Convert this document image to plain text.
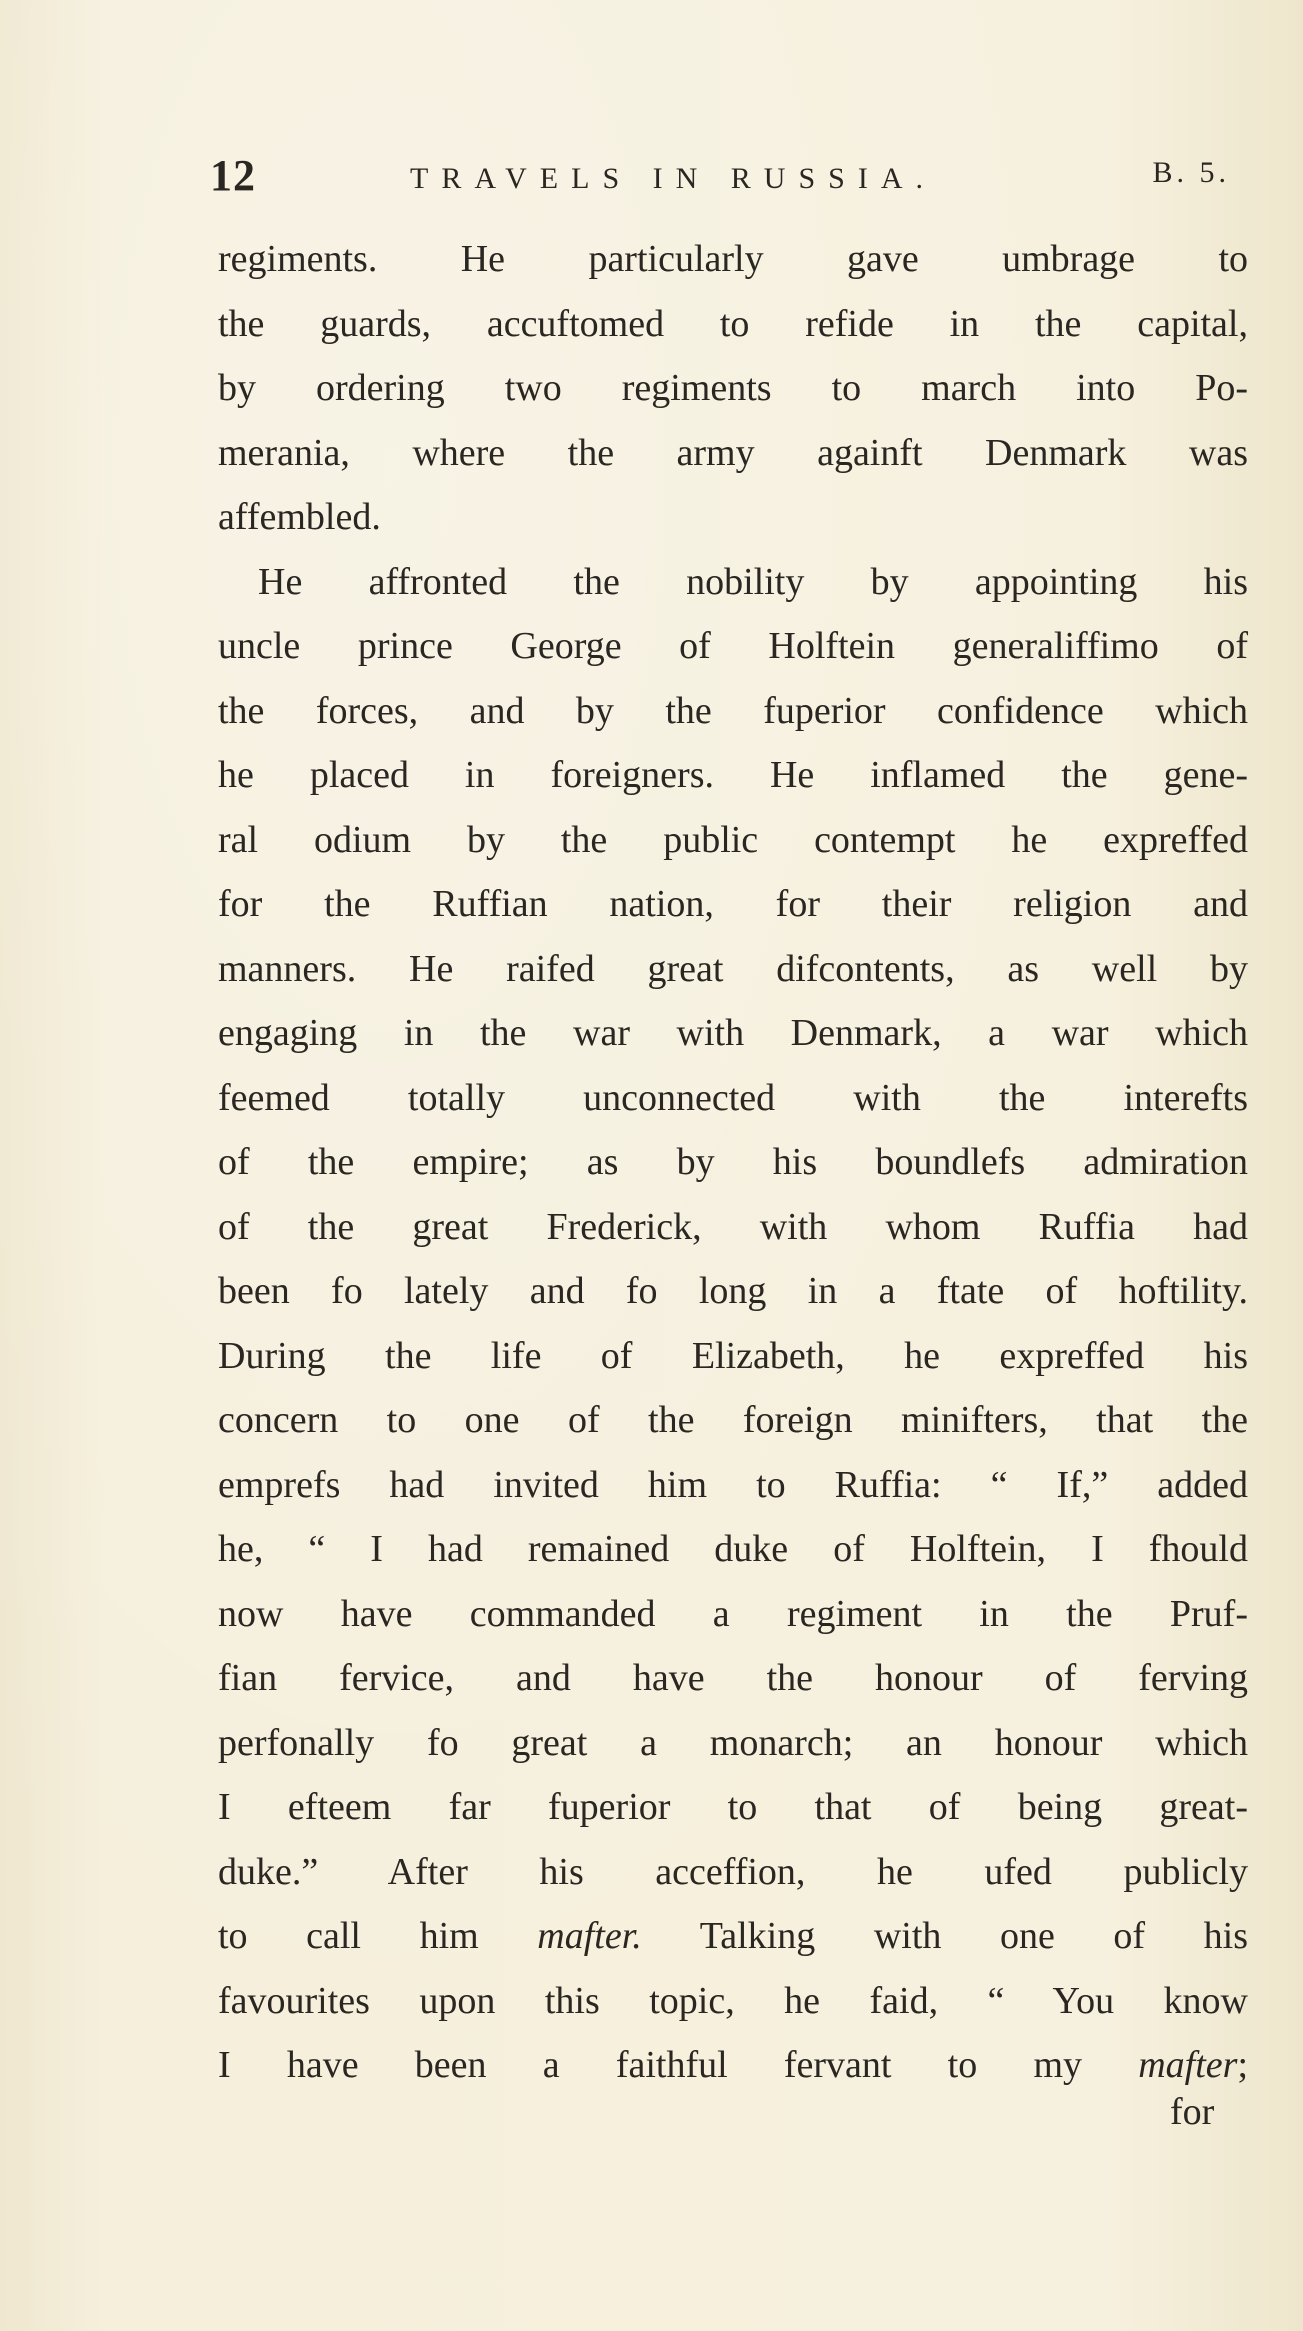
12	TRAVELS IN RUSSIA.	B. 5.
regiments. He particularly gave umbrage to
the guards, accuftomed to refide in the capital,
by ordering two regiments to march into Po-
merania, where the army againft Denmark was
affembled.
He affronted the nobility by appointing his
uncle prince George of Holftein generaliffimo of
the forces, and by the fuperior confidence which
he placed in foreigners. He inflamed the gene-
ral odium by the public contempt he expreffed
for the Ruffian nation, for their religion and
manners. He raifed great difcontents, as well by
engaging in the war with Denmark, a war which
feemed totally unconnected with the interefts
of the empire; as by his boundlefs admiration
of the great Frederick, with whom Ruffia had
been fo lately and fo long in a ftate of hoftility.
During the life of Elizabeth, he expreffed his
concern to one of the foreign minifters, that the
emprefs had invited him to Ruffia: “ If,” added
he, “ I had remained duke of Holftein, I fhould
now have commanded a regiment in the Pruf-
fian fervice, and have the honour of ferving
perfonally fo great a monarch; an honour which
I efteem far fuperior to that of being great-
duke.” After his acceffion, he ufed publicly
to call him mafter. Talking with one of his
favourites upon this topic, he faid, “ You know
I have been a faithful fervant to my mafter;
for
